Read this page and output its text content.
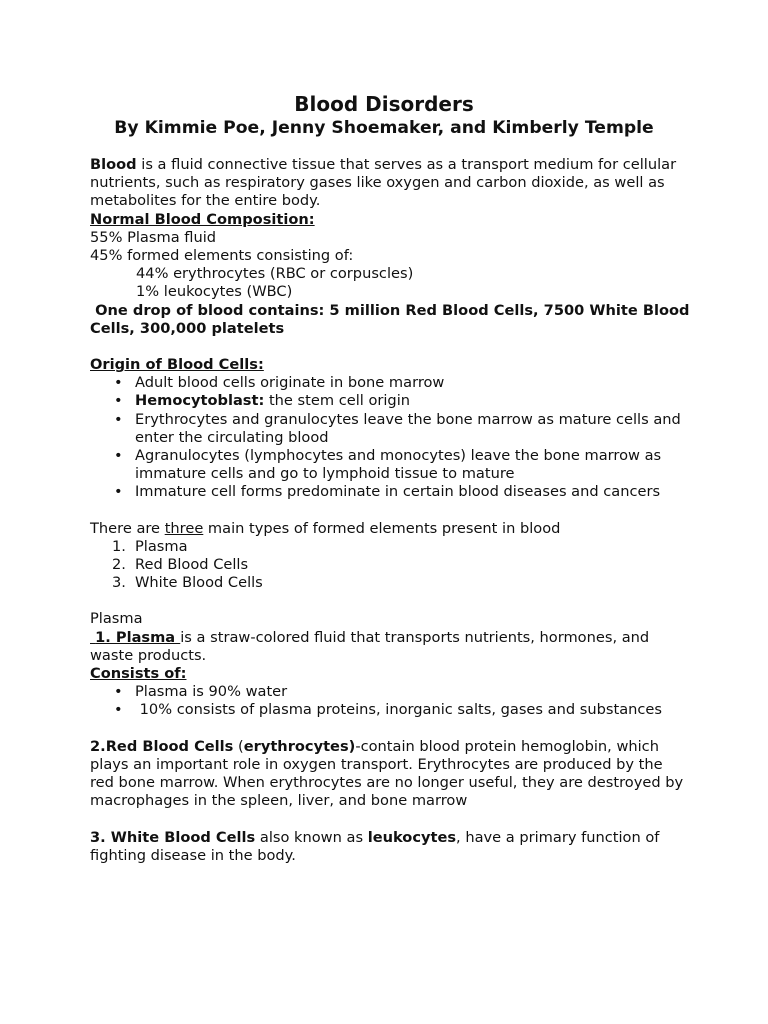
Blood Disorders
By Kimmie Poe, Jenny Shoemaker, and Kimberly Temple

Blood is a fluid connective tissue that serves as a transport medium for cellular nutrients, such as respiratory gases like oxygen and carbon dioxide, as well as metabolites for the entire body.

Normal Blood Composition:

55% Plasma fluid

45% formed elements consisting of:

44% erythrocytes (RBC or corpuscles)

1% leukocytes (WBC)

One drop of blood contains: 5 million Red Blood Cells, 7500 White Blood Cells, 300,000 platelets

Origin of Blood Cells:

• Adult blood cells originate in bone marrow
• Hemocytoblast: the stem cell origin
• Erythrocytes and granulocytes leave the bone marrow as mature cells and enter the circulating blood
• Agranulocytes (lymphocytes and monocytes) leave the bone marrow as immature cells and go to lymphoid tissue to mature
• Immature cell forms predominate in certain blood diseases and cancers

There are three main types of formed elements present in blood

1. Plasma
2. Red Blood Cells
3. White Blood Cells

Plasma

1. Plasma is a straw-colored fluid that transports nutrients, hormones, and waste products.

Consists of:

• Plasma is 90% water
•  10% consists of plasma proteins, inorganic salts, gases and substances

2.Red Blood Cells (erythrocytes)-contain blood protein hemoglobin, which plays an important role in oxygen transport. Erythrocytes are produced by the red bone marrow. When erythrocytes are no longer useful, they are destroyed by macrophages in the spleen, liver, and bone marrow

3. White Blood Cells also known as leukocytes, have a primary function of fighting disease in the body.
